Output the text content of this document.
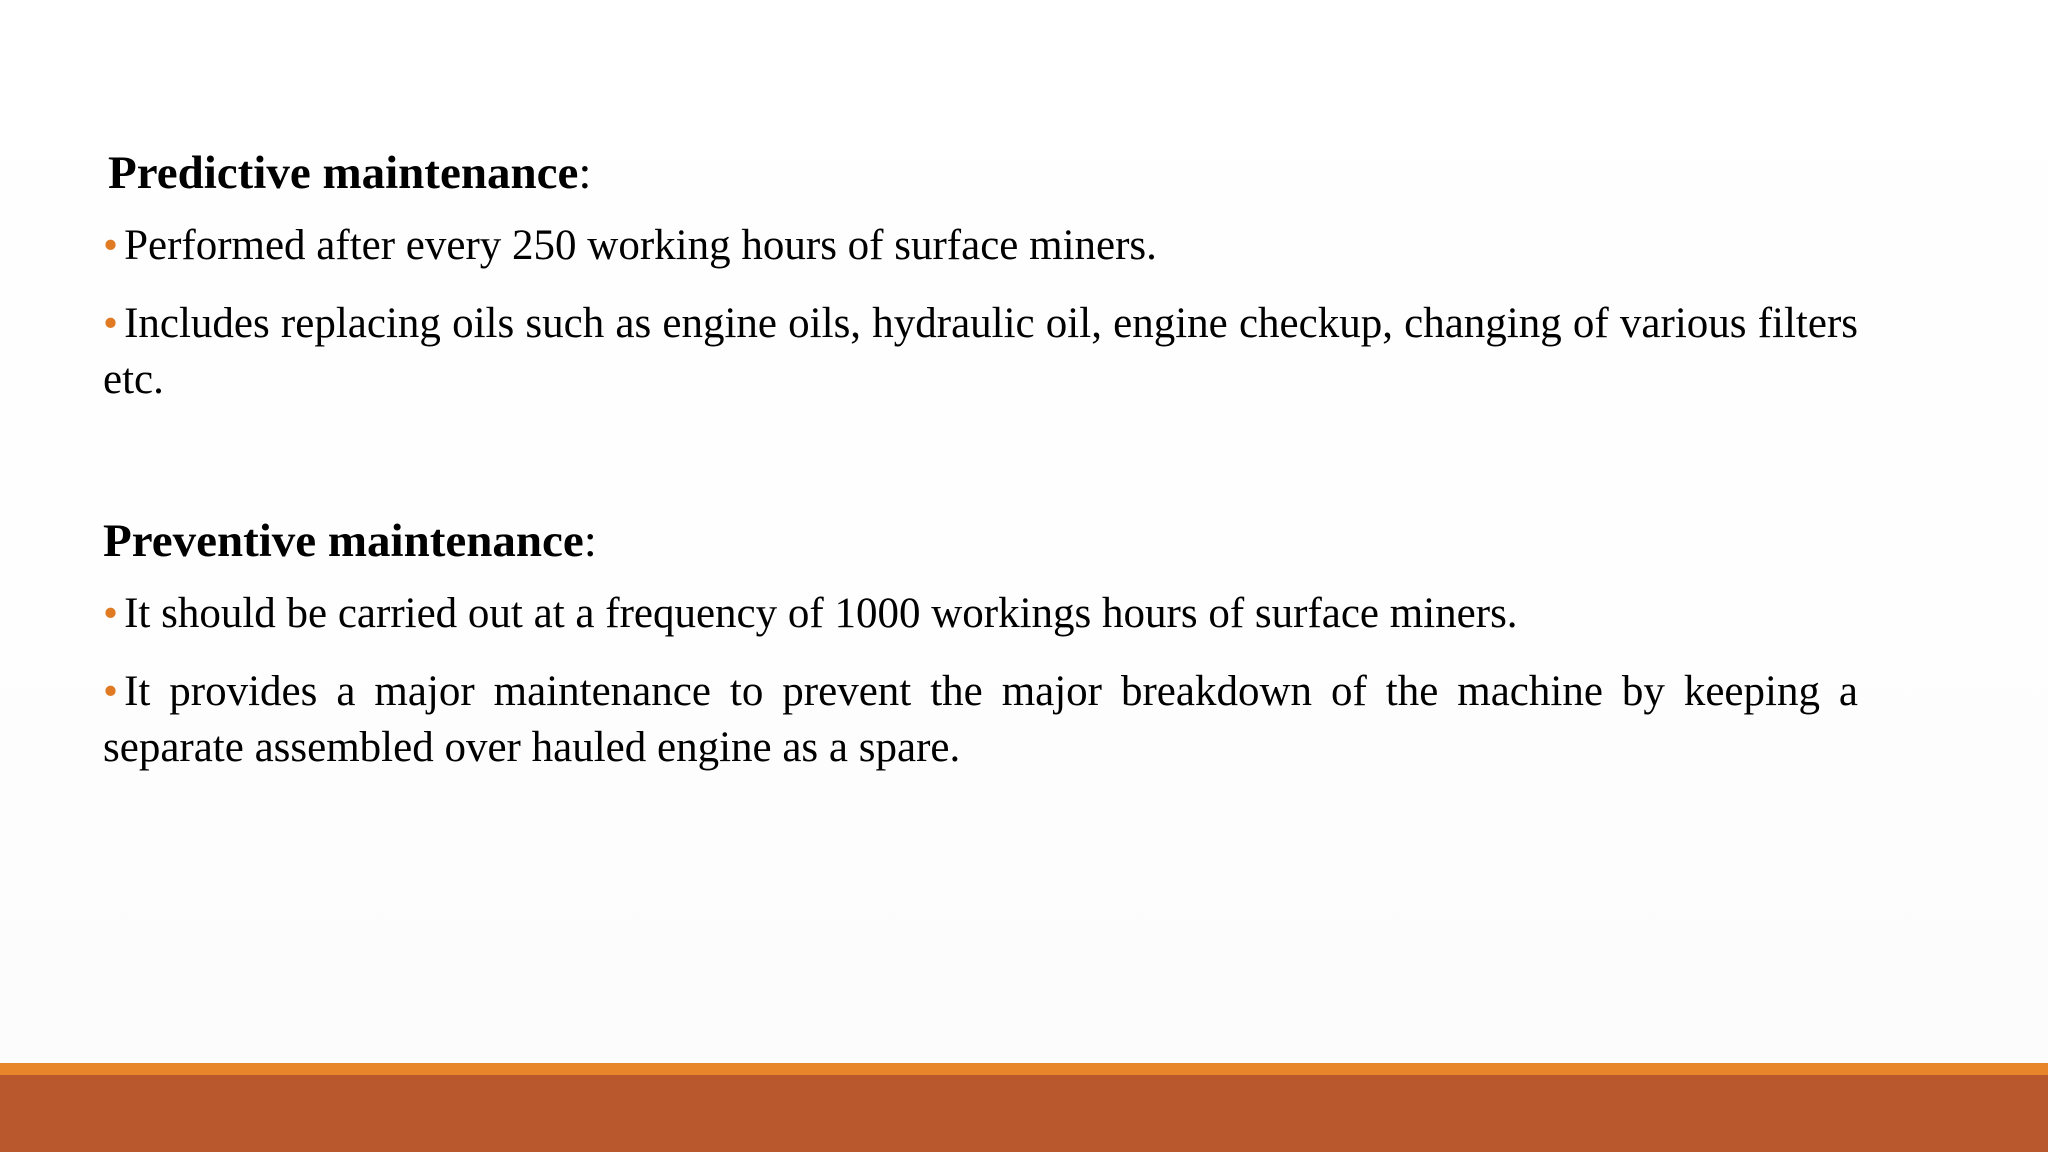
Predictive maintenance:

• Performed after every 250 working hours of surface miners.

• Includes replacing oils such as engine oils, hydraulic oil, engine checkup, changing of various filters etc.

Preventive maintenance:

• It should be carried out at a frequency of 1000 workings hours of surface miners.

• It provides a major maintenance to prevent the major breakdown of the machine by keeping a separate assembled over hauled engine as a spare.
